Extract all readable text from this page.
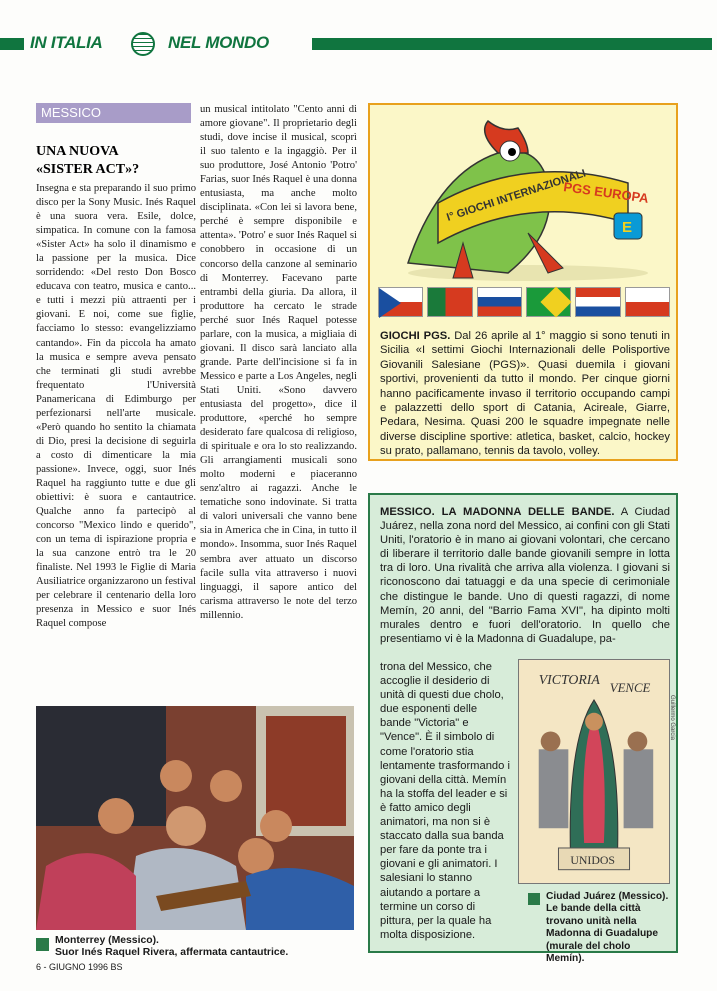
IN ITALIA	NEL MONDO
MESSICO
UNA NUOVA
«SISTER ACT»?
Insegna e sta preparando il suo primo disco per la Sony Music. Inés Raquel è una suora vera. Esile, dolce, simpatica. In comune con la famosa «Sister Act» ha solo il dinamismo e la passione per la musica. Dice sorridendo: «Del resto Don Bosco educava con teatro, musica e canto... e tutti i mezzi più attraenti per i giovani. E noi, come sue figlie, facciamo lo stesso: evangelizziamo cantando». Fin da piccola ha amato la musica e sempre aveva pensato che terminati gli studi avrebbe frequentato l'Università Panamericana di Edimburgo per perfezionarsi nell'arte musicale. «Però quando ho sentito la chiamata di Dio, presi la decisione di seguirla a costo di dimenticare la mia passione». Invece, oggi, suor Inés Raquel ha raggiunto tutte e due gli obiettivi: è suora e cantautrice. Qualche anno fa partecipò al concorso "Mexico lindo e querido", con un tema di ispirazione propria e la sua canzone entrò tra le 20 finaliste. Nel 1993 le Figlie di Maria Ausiliatrice organizzarono un festival per celebrare il centenario della loro presenza in Messico e suor Inés Raquel compose
un musical intitolato "Cento anni di amore giovane". Il proprietario degli studi, dove incise il musical, scoprì il suo talento e la ingaggiò. Per il suo produttore, José Antonio 'Potro' Farias, suor Inés Raquel è una donna entusiasta, ma anche molto disciplinata. «Con lei si lavora bene, perché è sempre disponibile e attenta». 'Potro' e suor Inés Raquel si conobbero in occasione di un concorso della canzone al seminario di Monterrey. Facevano parte entrambi della giuria. Da allora, il produttore ha cercato le strade perché suor Inés Raquel potesse parlare, con la musica, a migliaia di giovani. Il disco sarà lanciato alla grande. Parte dell'incisione si fa in Messico e parte a Los Angeles, negli Stati Uniti. «Sono davvero entusiasta del progetto», dice il produttore, «perché ho sempre desiderato fare qualcosa di religioso, di spirituale e ora lo sto realizzando. Gli arrangiamenti musicali sono molto moderni e piaceranno senz'altro ai ragazzi. Anche le tematiche sono indovinate. Si tratta di valori universali che vanno bene sia in America che in Cina, in tutto il mondo». Insomma, suor Inés Raquel sembra aver attuato un discorso facile sulla vita attraverso i nuovi linguaggi, il sapore antico del carisma attraverso le note del terzo millennio.
I° GIOCHI INTERNAZIONALI
PGS EUROPA
E
GIOCHI PGS. Dal 26 aprile al 1° maggio si sono tenuti in Sicilia «I settimi Giochi Internazionali delle Polisportive Giovanili Salesiane (PGS)». Quasi duemila i giovani sportivi, provenienti da tutto il mondo. Per cinque giorni hanno pacificamente invaso il territorio occupando campi e palazzetti dello sport di Catania, Acireale, Giarre, Pedara, Nesima. Quasi 200 le squadre impegnate nelle diverse discipline sportive: atletica, basket, calcio, hockey su prato, pallamano, tennis da tavolo, volley.
MESSICO. LA MADONNA DELLE BANDE. A Ciudad Juárez, nella zona nord del Messico, ai confini con gli Stati Uniti, l'oratorio è in mano ai giovani volontari, che cercano di liberare il territorio dalle bande giovanili sempre in lotta tra di loro. Una rivalità che arriva alla violenza. I giovani si riconoscono dai tatuaggi e da una specie di cerimoniale che distingue le bande. Uno di questi ragazzi, di nome Memín, 20 anni, del "Barrio Fama XVI", ha dipinto molti murales dentro e fuori dell'oratorio. In quello che presentiamo vi è la Madonna di Guadalupe, pa-
trona del Messico, che accoglie il desiderio di unità di questi due cholo, due esponenti delle bande "Victoria" e "Vence". È il simbolo di come l'oratorio stia lentamente trasformando i giovani della città. Memín ha la stoffa del leader e si è fatto amico degli animatori, ma non si è staccato dalla sua banda per fare da ponte tra i giovani e gli animatori. I salesiani lo stanno aiutando a portare a termine un corso di pittura, per la quale ha molta disposizione.
VICTORIA
VENCE
UNIDOS
Guillermo Garcia
Ciudad Juárez (Messico). Le bande della città trovano unità nella Madonna di Guadalupe (murale del cholo Memín).
Monterrey (Messico).
Suor Inés Raquel Rivera, affermata cantautrice.
6 - GIUGNO 1996 BS
